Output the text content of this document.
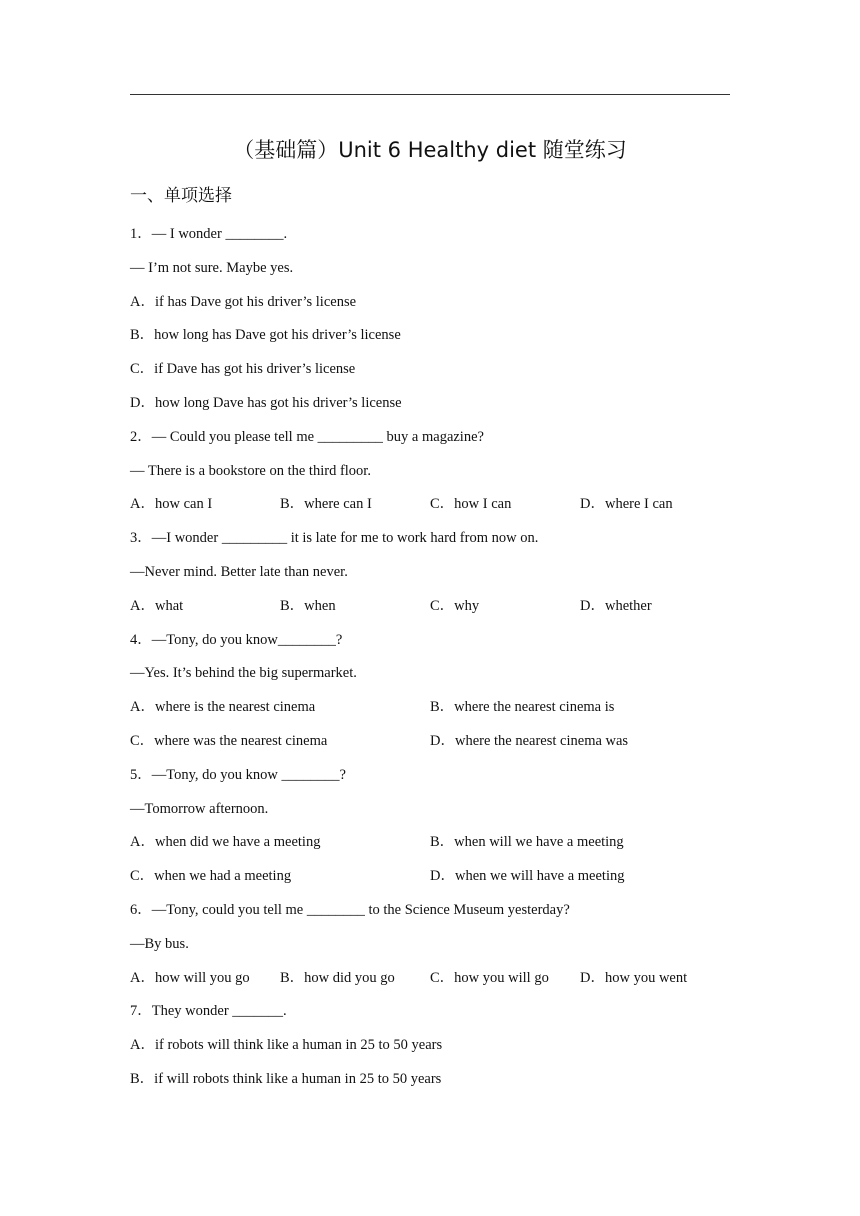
（基础篇）Unit 6 Healthy diet 随堂练习
一、单项选择
1．— I wonder ________.
— I’m not sure. Maybe yes.
A．if has Dave got his driver’s license
B．how long has Dave got his driver’s license
C．if Dave has got his driver’s license
D．how long Dave has got his driver’s license
2．— Could you please tell me _________ buy a magazine?
— There is a bookstore on the third floor.
A．how can I	B．where can I	C．how I can	D．where I can
3．—I wonder _________ it is late for me to work hard from now on.
—Never mind. Better late than never.
A．what	B．when	C．why	D．whether
4．—Tony, do you know________?
—Yes. It’s behind the big supermarket.
A．where is the nearest cinema	B．where the nearest cinema is
C．where was the nearest cinema	D．where the nearest cinema was
5．—Tony, do you know ________?
—Tomorrow afternoon.
A．when did we have a meeting	B．when will we have a meeting
C．when we had a meeting	D．when we will have a meeting
6．—Tony, could you tell me ________ to the Science Museum yesterday?
—By bus.
A．how will you go	B．how did you go	C．how you will go	D．how you went
7．They wonder _______.
A．if robots will think like a human in 25 to 50 years
B．if will robots think like a human in 25 to 50 years
